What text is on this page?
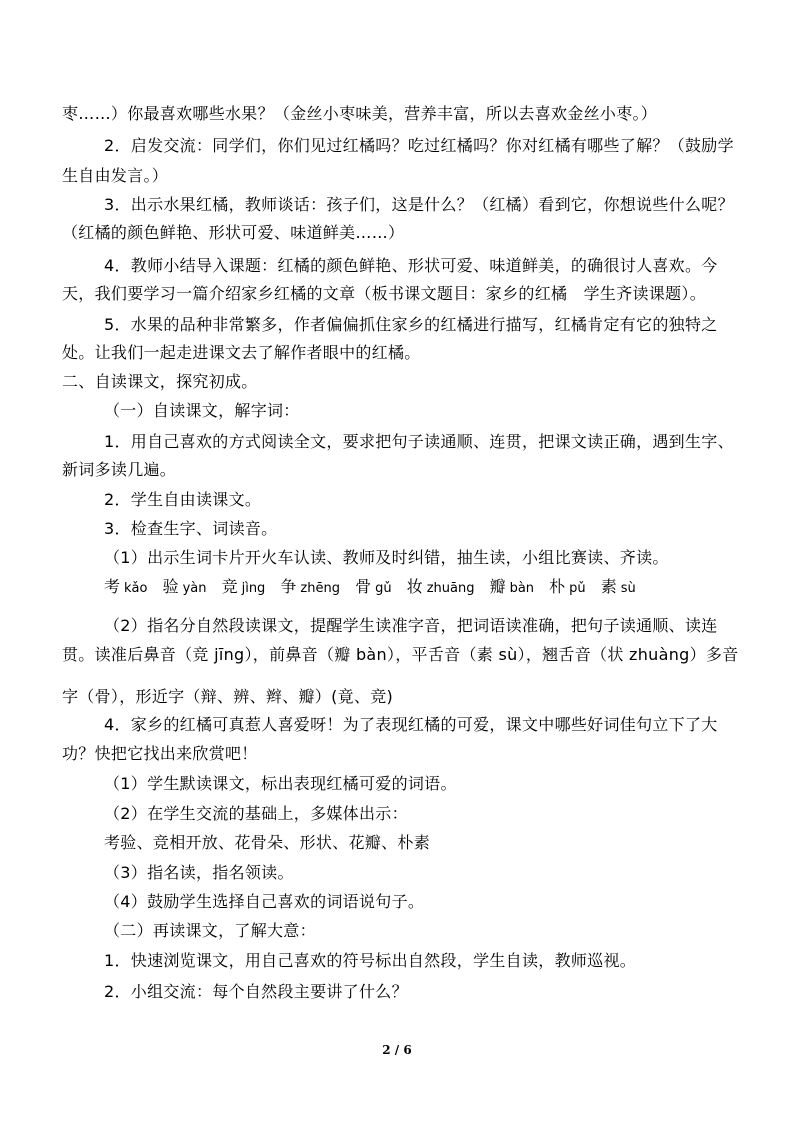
枣……）你最喜欢哪些水果？（金丝小枣味美，营养丰富，所以去喜欢金丝小枣。）
2．启发交流：同学们，你们见过红橘吗？吃过红橘吗？你对红橘有哪些了解？（鼓励学
生自由发言。）
3．出示水果红橘，教师谈话：孩子们，这是什么？（红橘）看到它，你想说些什么呢？
（红橘的颜色鲜艳、形状可爱、味道鲜美……）
4．教师小结导入课题：红橘的颜色鲜艳、形状可爱、味道鲜美，的确很讨人喜欢。今
天，我们要学习一篇介绍家乡红橘的文章（板书课文题目：家乡的红橘　学生齐读课题）。
5．水果的品种非常繁多，作者偏偏抓住家乡的红橘进行描写，红橘肯定有它的独特之
处。让我们一起走进课文去了解作者眼中的红橘。
二、自读课文，探究初成。
（一）自读课文，解字词：
1．用自己喜欢的方式阅读全文，要求把句子读通顺、连贯，把课文读正确，遇到生字、
新词多读几遍。
2．学生自由读课文。
3．检查生字、词读音。
（1）出示生词卡片开火车认读、教师及时纠错，抽生读，小组比赛读、齐读。
考 kǎo 验 yàn 竞 jìng 争 zhēng 骨 gǔ 妆 zhuāng 瓣 bàn 朴 pǔ 素 sù
（2）指名分自然段读课文，提醒学生读准字音，把词语读准确，把句子读通顺、读连
贯。读准后鼻音（竞 jīng），前鼻音（瓣 bàn），平舌音（素 sù），翘舌音（状 zhuàng）多音
字（骨），形近字（辩、辨、辫、瓣）(竟、竞)
4．家乡的红橘可真惹人喜爱呀！为了表现红橘的可爱，课文中哪些好词佳句立下了大
功？快把它找出来欣赏吧！
（1）学生默读课文，标出表现红橘可爱的词语。
（2）在学生交流的基础上，多媒体出示：
考验、竞相开放、花骨朵、形状、花瓣、朴素
（3）指名读，指名领读。
（4）鼓励学生选择自己喜欢的词语说句子。
（二）再读课文，了解大意：
1．快速浏览课文，用自己喜欢的符号标出自然段，学生自读，教师巡视。
2．小组交流：每个自然段主要讲了什么？
2 / 6
